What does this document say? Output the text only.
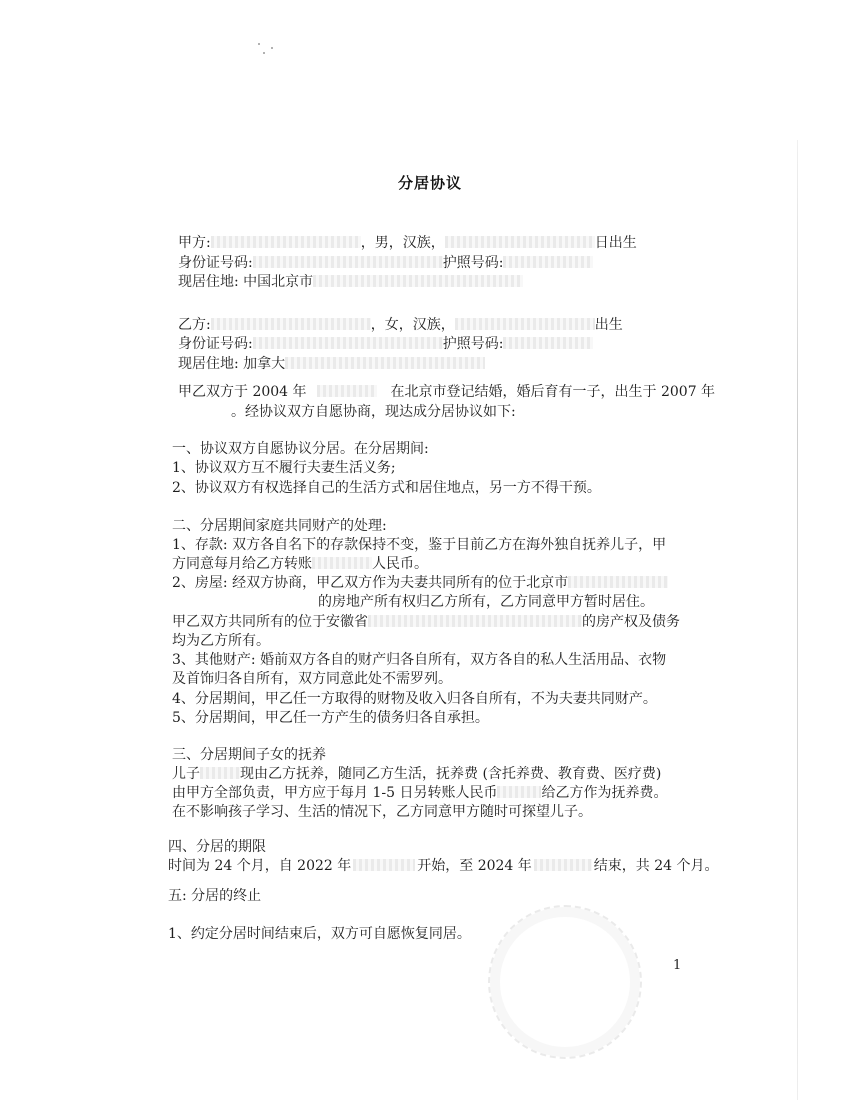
分居协议
甲方:	，男，汉族，	日出生
身份证号码:	护照号码:
现居住地: 中国北京市
乙方:	，女，汉族，	出生
身份证号码:	护照号码:
现居住地: 加拿大
甲乙双方于 2004 年	在北京市登记结婚，婚后育有一子，出生于 2007 年
。经协议双方自愿协商，现达成分居协议如下:
一、协议双方自愿协议分居。在分居期间:
1、协议双方互不履行夫妻生活义务;
2、协议双方有权选择自己的生活方式和居住地点，另一方不得干预。
二、分居期间家庭共同财产的处理:
1、存款: 双方各自名下的存款保持不变，鉴于目前乙方在海外独自抚养儿子，甲
方同意每月给乙方转账	人民币。
2、房屋: 经双方协商，甲乙双方作为夫妻共同所有的位于北京市
的房地产所有权归乙方所有，乙方同意甲方暂时居住。
甲乙双方共同所有的位于安徽省	的房产权及债务
均为乙方所有。
3、其他财产: 婚前双方各自的财产归各自所有，双方各自的私人生活用品、衣物
及首饰归各自所有，双方同意此处不需罗列。
4、分居期间，甲乙任一方取得的财物及收入归各自所有，不为夫妻共同财产。
5、分居期间，甲乙任一方产生的债务归各自承担。
三、分居期间子女的抚养
儿子	现由乙方抚养，随同乙方生活，抚养费 (含托养费、教育费、医疗费)
由甲方全部负责，甲方应于每月 1-5 日另转账人民币	给乙方作为抚养费。
在不影响孩子学习、生活的情况下，乙方同意甲方随时可探望儿子。
四、分居的期限
时间为 24 个月，自 2022 年	开始，至 2024 年	结束，共 24 个月。
五: 分居的终止
1、约定分居时间结束后，双方可自愿恢复同居。
1
